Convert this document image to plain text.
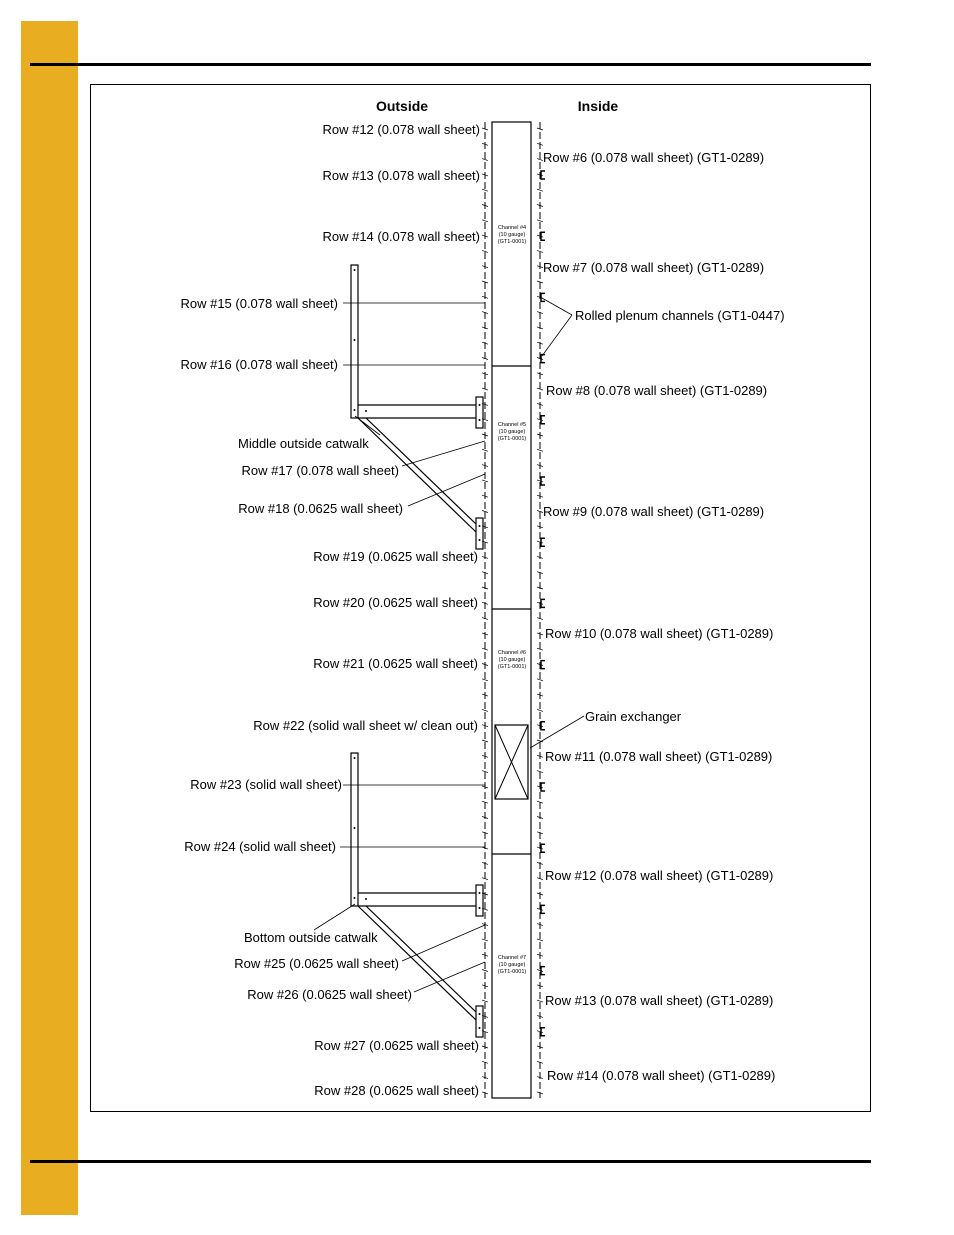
Outside	Inside
Channel #4
(10 gauge)
(GT1-0001)
Channel #5
(10 gauge)
(GT1-0001)
Channel #6
(10 gauge)
(GT1-0001)
Channel #7
(10 gauge)
(GT1-0001)
Row #12 (0.078 wall sheet)
Row #13 (0.078 wall sheet)
Row #14 (0.078 wall sheet)
Row #15 (0.078 wall sheet)
Row #16 (0.078 wall sheet)
Row #17 (0.078 wall sheet)
Row #18 (0.0625 wall sheet)
Row #19 (0.0625 wall sheet)
Row #20 (0.0625 wall sheet)
Row #21 (0.0625 wall sheet)
Row #22 (solid wall sheet w/ clean out)
Row #23 (solid wall sheet)
Row #24 (solid wall sheet)
Row #25 (0.0625 wall sheet)
Row #26 (0.0625 wall sheet)
Row #27 (0.0625 wall sheet)
Row #28 (0.0625 wall sheet)
Row #6 (0.078 wall sheet) (GT1-0289)
Row #7 (0.078 wall sheet) (GT1-0289)
Row #8 (0.078 wall sheet) (GT1-0289)
Row #9 (0.078 wall sheet) (GT1-0289)
Row #10 (0.078 wall sheet) (GT1-0289)
Row #11 (0.078 wall sheet) (GT1-0289)
Row #12 (0.078 wall sheet) (GT1-0289)
Row #13 (0.078 wall sheet) (GT1-0289)
Row #14 (0.078 wall sheet) (GT1-0289)
Rolled plenum channels (GT1-0447)
Grain exchanger
Middle outside catwalk
Bottom outside catwalk
